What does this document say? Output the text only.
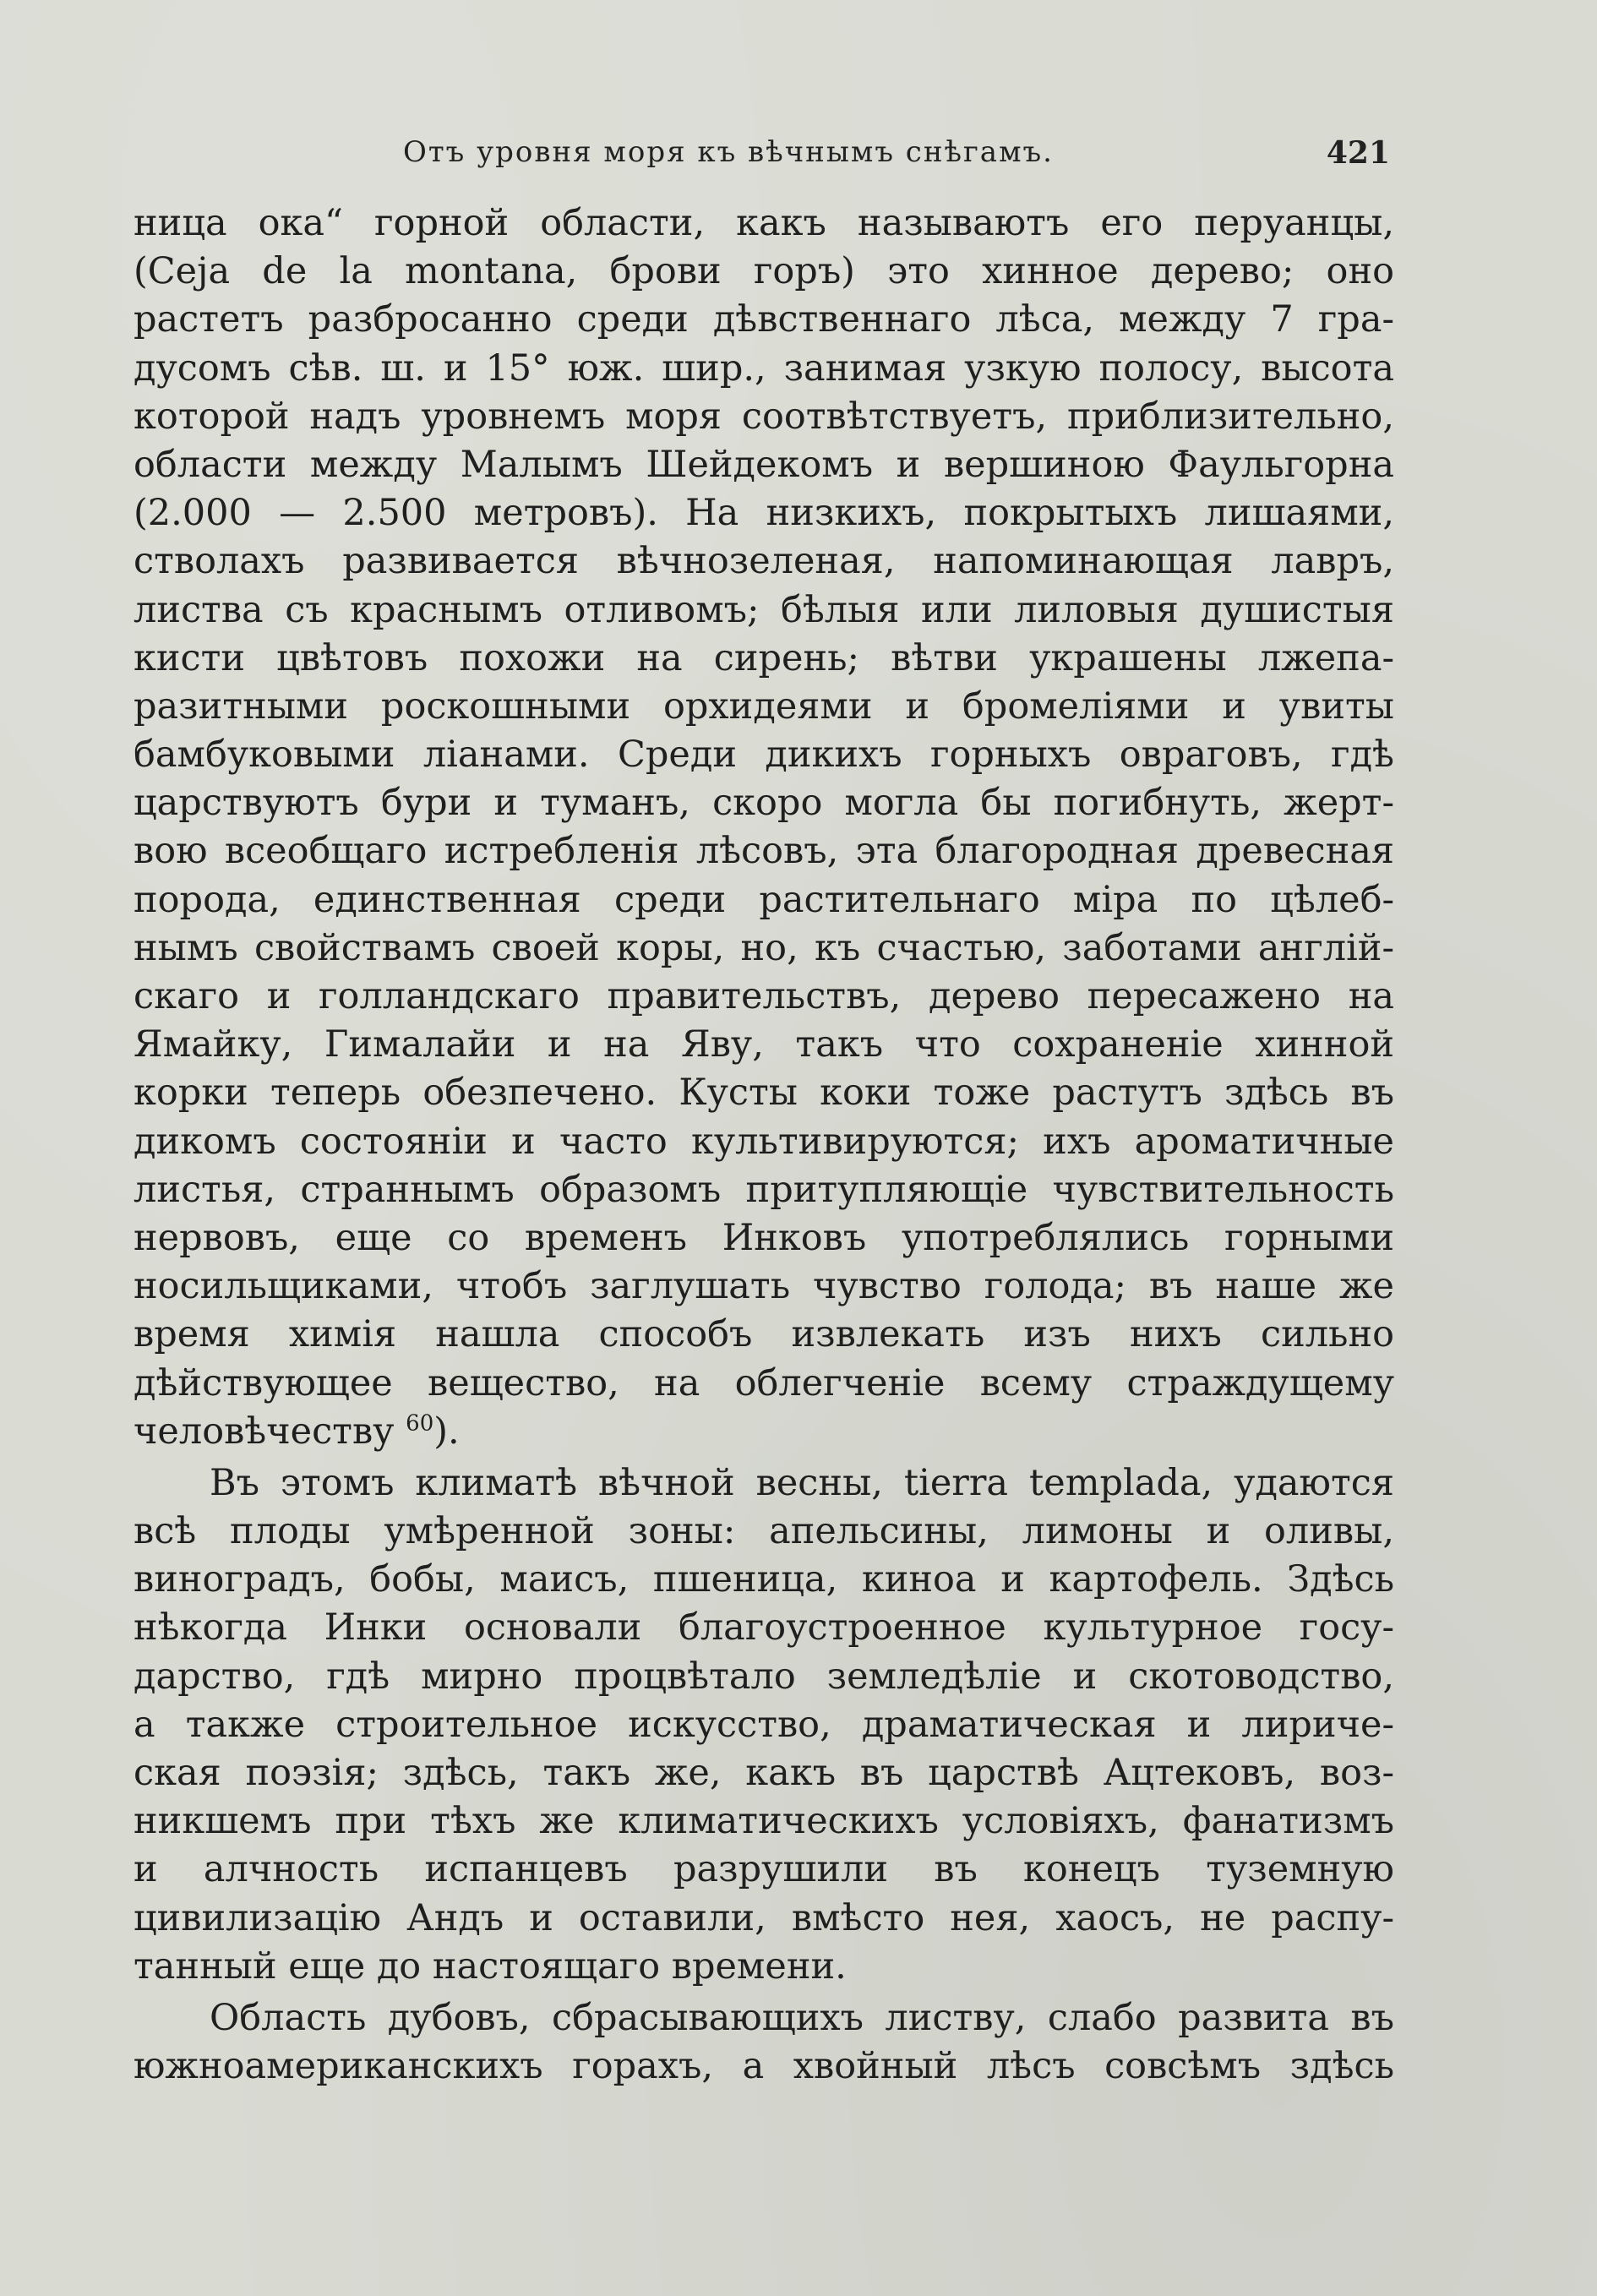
Отъ уровня моря къ вѣчнымъ снѣгамъ.	421
ница ока“ горной области, какъ называютъ его перуанцы,
(Ceja de la montana, брови горъ) это хинное дерево; оно
растетъ разбросанно среди дѣвственнаго лѣса, между 7 гра-
дусомъ сѣв. ш. и 15° юж. шир., занимая узкую полосу, высота
которой надъ уровнемъ моря соотвѣтствуетъ, приблизительно,
области между Малымъ Шейдекомъ и вершиною Фаульгорна
(2.000 — 2.500 метровъ). На низкихъ, покрытыхъ лишаями,
стволахъ развивается вѣчнозеленая, напоминающая лавръ,
листва съ краснымъ отливомъ; бѣлыя или лиловыя душистыя
кисти цвѣтовъ похожи на сирень; вѣтви украшены лжепа-
разитными роскошными орхидеями и бромеліями и увиты
бамбуковыми ліанами. Среди дикихъ горныхъ овраговъ, гдѣ
царствуютъ бури и туманъ, скоро могла бы погибнуть, жерт-
вою всеобщаго истребленія лѣсовъ, эта благородная древесная
порода, единственная среди растительнаго міра по цѣлеб-
нымъ свойствамъ своей коры, но, къ счастью, заботами англій-
скаго и голландскаго правительствъ, дерево пересажено на
Ямайку, Гималайи и на Яву, такъ что сохраненіе хинной
корки теперь обезпечено. Кусты коки тоже растутъ здѣсь въ
дикомъ состояніи и часто культивируются; ихъ ароматичные
листья, страннымъ образомъ притупляющіе чувствительность
нервовъ, еще со временъ Инковъ употреблялись горными
носильщиками, чтобъ заглушать чувство голода; въ наше же
время химія нашла способъ извлекать изъ нихъ сильно
дѣйствующее вещество, на облегченіе всему страждущему
человѣчеству $^{60}$).
Въ этомъ климатѣ вѣчной весны, tierra templada, удаются
всѣ плоды умѣренной зоны: апельсины, лимоны и оливы,
виноградъ, бобы, маисъ, пшеница, киноа и картофель. Здѣсь
нѣкогда Инки основали благоустроенное культурное госу-
дарство, гдѣ мирно процвѣтало земледѣліе и скотоводство,
а также строительное искусство, драматическая и лириче-
ская поэзія; здѣсь, такъ же, какъ въ царствѣ Ацтековъ, воз-
никшемъ при тѣхъ же климатическихъ условіяхъ, фанатизмъ
и алчность испанцевъ разрушили въ конецъ туземную
цивилизацію Андъ и оставили, вмѣсто нея, хаосъ, не распу-
танный еще до настоящаго времени.
Область дубовъ, сбрасывающихъ листву, слабо развита въ
южноамериканскихъ горахъ, а хвойный лѣсъ совсѣмъ здѣсь
